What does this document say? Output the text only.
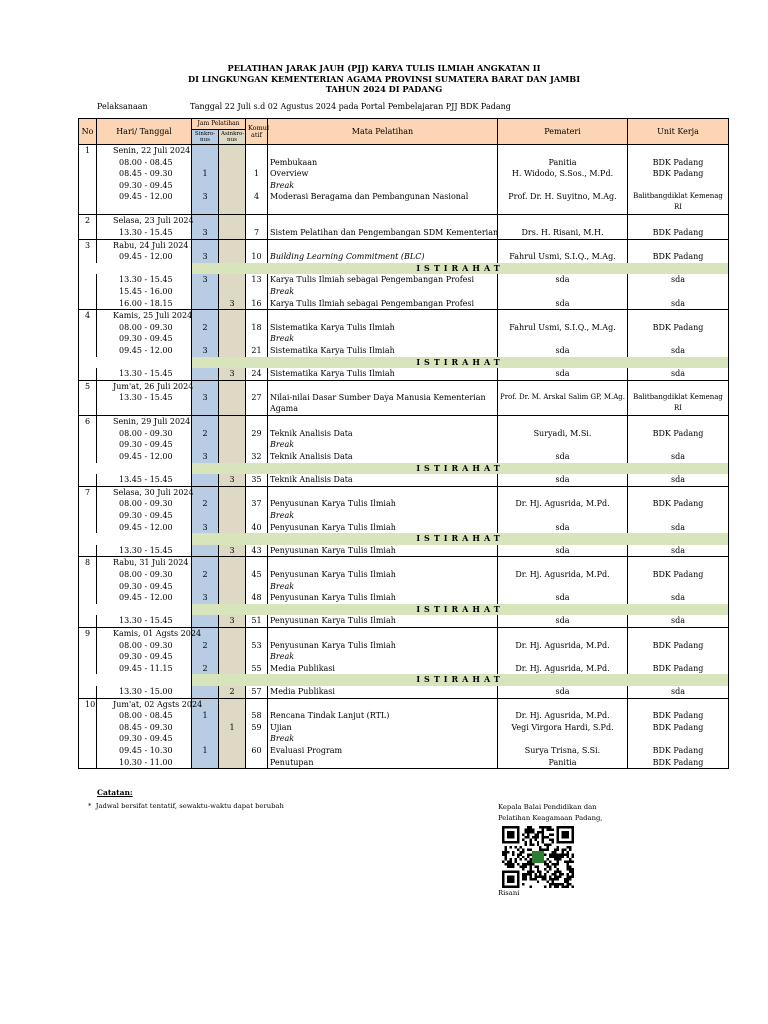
PELATIHAN JARAK JAUH (PJJ) KARYA TULIS ILMIAH ANGKATAN II
DI LINGKUNGAN KEMENTERIAN AGAMA PROVINSI SUMATERA BARAT DAN JAMBI
TAHUN 2024 DI PADANG
Pelaksanaan	Tanggal 22 Juli s.d 02 Agustus 2024 pada Portal Pembelajaran PJJ BDK Padang
No	Hari/ Tanggal	Jam Pelatihan		Komul atif	Mata Pelatihan	Pemateri	Unit Kerja
		Sinkro-nus	Asinkro-nus				
1	Senin, 22 Juli 2024						
	08.00 - 08.45				Pembukaan	Panitia	BDK Padang
	08.45 - 09.30	1		1	Overview	H. Widodo, S.Sos., M.Pd.	BDK Padang
	09.30 - 09.45				Break		
	09.45 - 12.00	3		4	Moderasi Beragama dan Pembangunan Nasional	Prof. Dr. H. Suyitno, M.Ag.	Balitbangdiklat Kemenag RI
2	Selasa, 23 Juli 2024						
	13.30 - 15.45	3		7	Sistem Pelatihan dan Pengembangan SDM Kementerian	Drs. H. Risani, M.H.	BDK Padang
3	Rabu, 24 Juli 2024						
	09.45 - 12.00	3		10	Building Learning Commitment (BLC)	Fahrul Usmi, S.I.Q., M.Ag.	BDK Padang
		ISTIRAHAT					
	13.30 - 15.45	3		13	Karya Tulis Ilmiah sebagai Pengembangan Profesi	sda	sda
	15.45 - 16.00				Break		
	16.00 - 18.15		3	16	Karya Tulis Ilmiah sebagai Pengembangan Profesi	sda	sda
4	Kamis, 25 Juli 2024						
	08.00 - 09.30	2		18	Sistematika Karya Tulis Ilmiah	Fahrul Usmi, S.I.Q., M.Ag.	BDK Padang
	09.30 - 09.45				Break		
	09.45 - 12.00	3		21	Sistematika Karya Tulis Ilmiah	sda	sda
		ISTIRAHAT					
	13.30 - 15.45		3	24	Sistematika Karya Tulis Ilmiah	sda	sda
5	Jum'at, 26 Juli 2024						
	13.30 - 15.45	3		27	Nilai-nilai Dasar Sumber Daya Manusia Kementerian Agama	Prof. Dr. M. Arskal Salim GP, M.Ag.	Balitbangdiklat Kemenag RI
6	Senin, 29 Juli 2024						
	08.00 - 09.30	2		29	Teknik Analisis Data	Suryadi, M.Si.	BDK Padang
	09.30 - 09.45				Break		
	09.45 - 12.00	3		32	Teknik Analisis Data	sda	sda
		ISTIRAHAT					
	13.45 - 15.45		3	35	Teknik Analisis Data	sda	sda
7	Selasa, 30 Juli 2024						
	08.00 - 09.30	2		37	Penyusunan Karya Tulis Ilmiah	Dr. Hj. Agusrida, M.Pd.	BDK Padang
	09.30 - 09.45				Break		
	09.45 - 12.00	3		40	Penyusunan Karya Tulis Ilmiah	sda	sda
		ISTIRAHAT					
	13.30 - 15.45		3	43	Penyusunan Karya Tulis Ilmiah	sda	sda
8	Rabu, 31 Juli 2024						
	08.00 - 09.30	2		45	Penyusunan Karya Tulis Ilmiah	Dr. Hj. Agusrida, M.Pd.	BDK Padang
	09.30 - 09.45				Break		
	09.45 - 12.00	3		48	Penyusunan Karya Tulis Ilmiah	sda	sda
		ISTIRAHAT					
	13.30 - 15.45		3	51	Penyusunan Karya Tulis Ilmiah	sda	sda
9	Kamis, 01 Agsts 2024						
	08.00 - 09.30	2		53	Penyusunan Karya Tulis Ilmiah	Dr. Hj. Agusrida, M.Pd.	BDK Padang
	09.30 - 09.45				Break		
	09.45 - 11.15	2		55	Media Publikasi	Dr. Hj. Agusrida, M.Pd.	BDK Padang
		ISTIRAHAT					
	13.30 - 15.00		2	57	Media Publikasi	sda	sda
10	Jum'at, 02 Agsts 2024						
	08.00 - 08.45	1		58	Rencana Tindak Lanjut (RTL)	Dr. Hj. Agusrida, M.Pd.	BDK Padang
	08.45 - 09.30		1	59	Ujian	Vegi Virgora Hardi, S.Pd.	BDK Padang
	09.30 - 09.45				Break		
	09.45 - 10.30	1		60	Evaluasi Program	Surya Trisna, S.Si.	BDK Padang
	10.30 - 11.00				Penutupan	Panitia	BDK Padang
Catatan:
* Jadwal bersifat tentatif, sewaktu-waktu dapat berubah	Kepala Balai Pendidikan dan
Pelatihan Keagamaan Padang,
Risani
